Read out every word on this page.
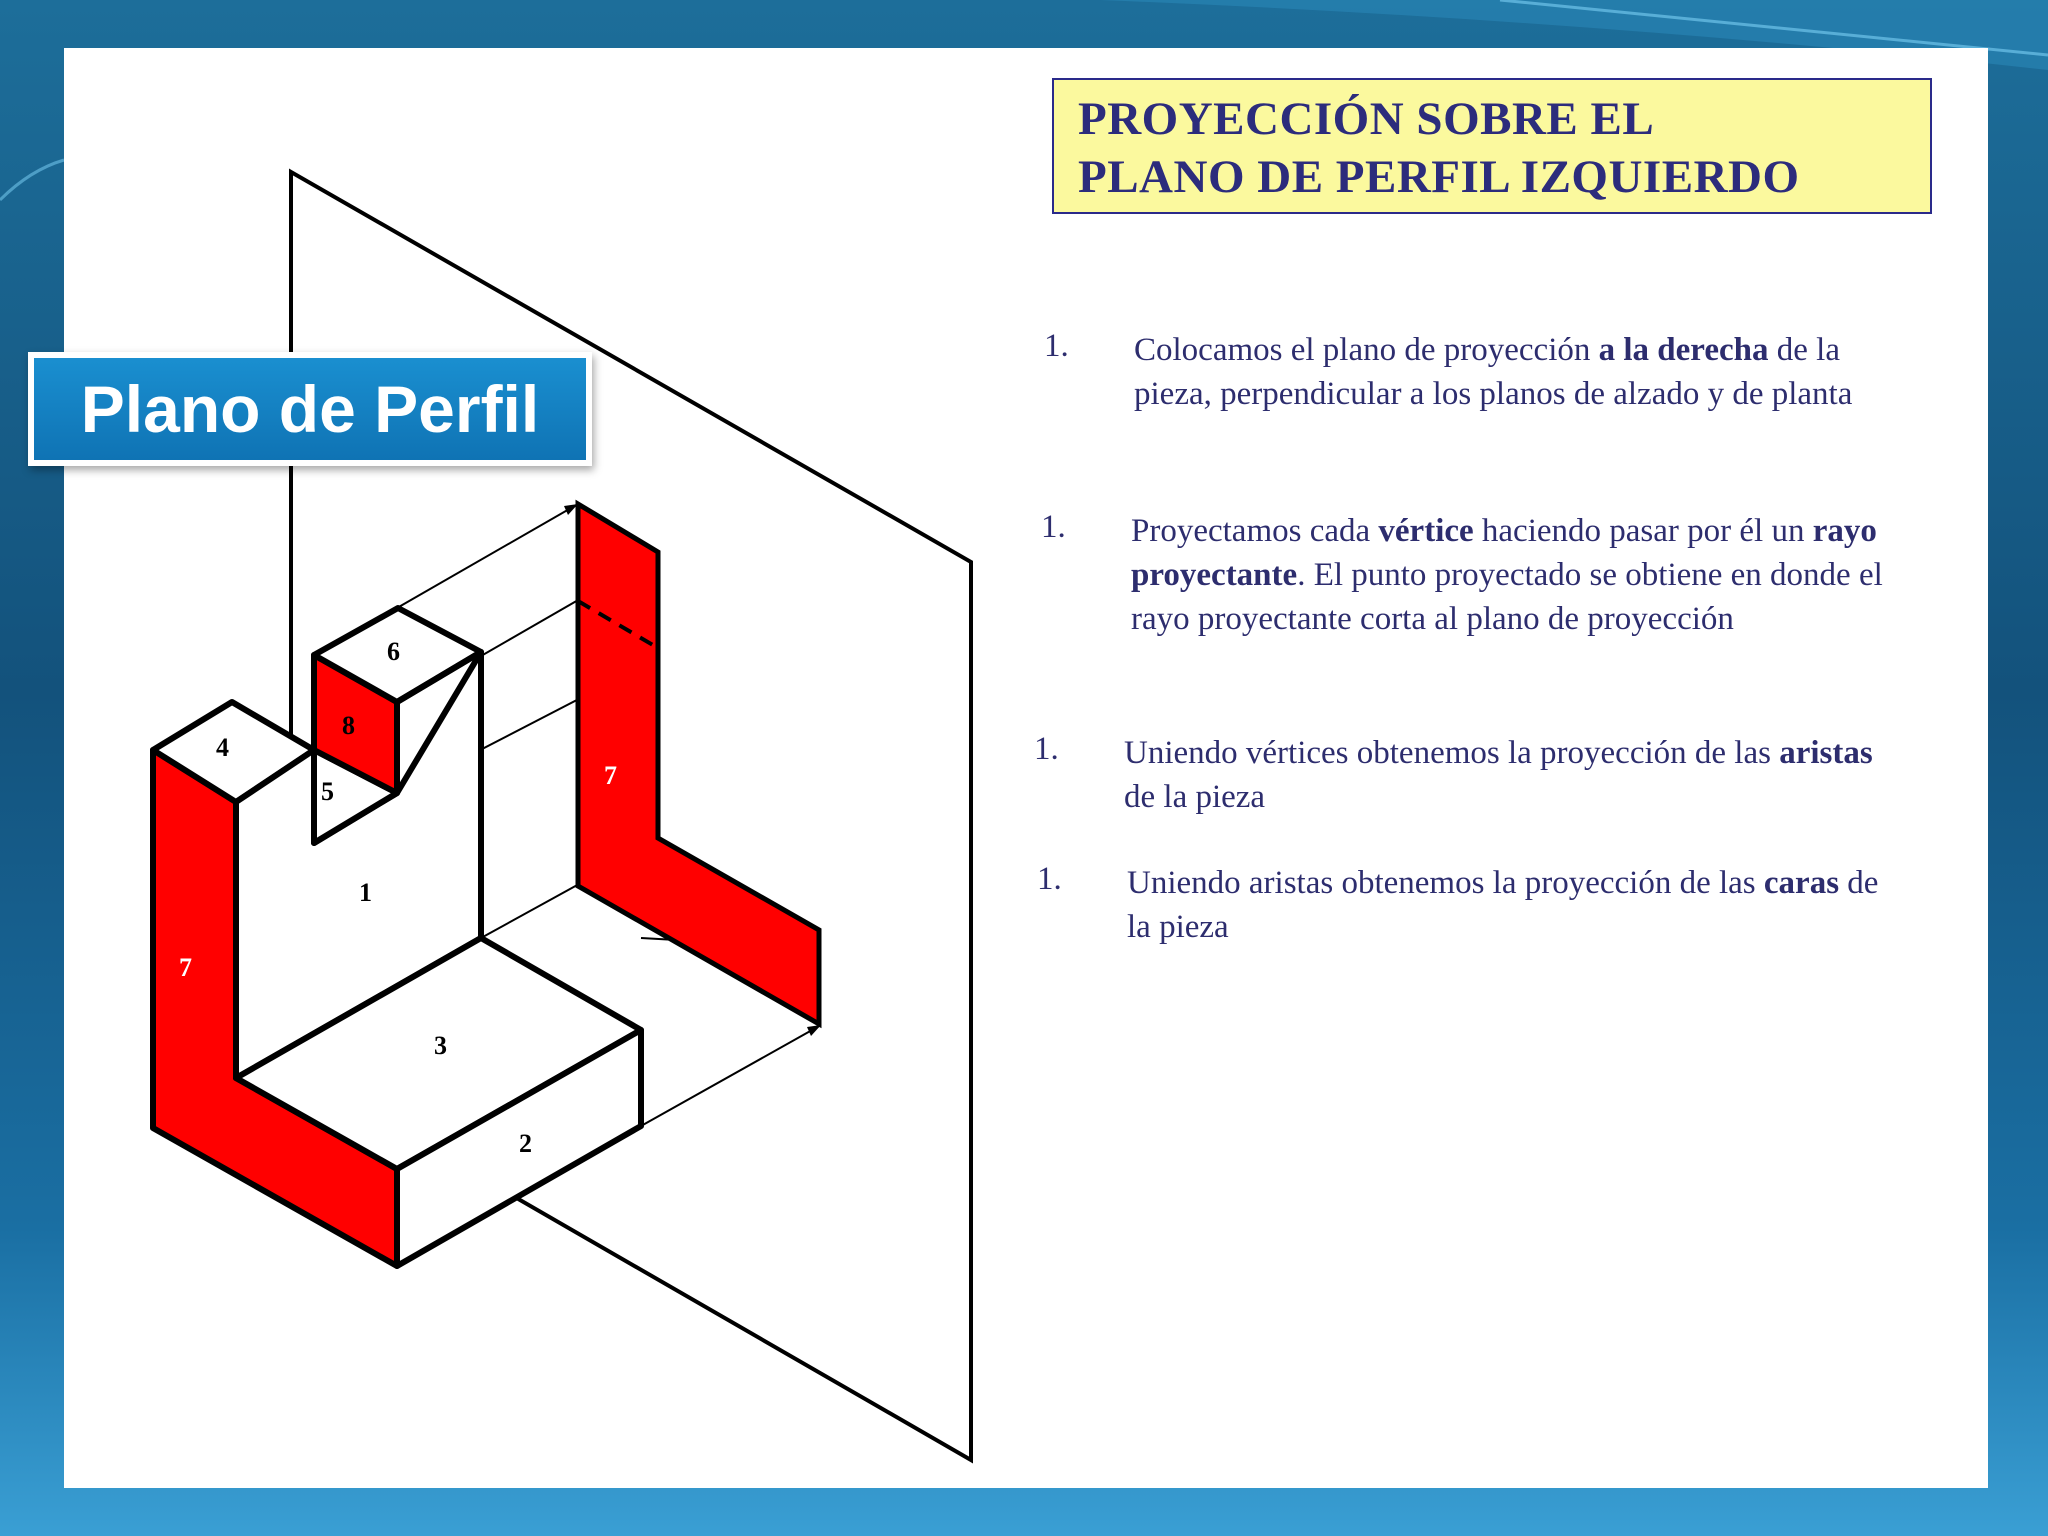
1
2
3
4
5
6
7
7
8
PROYECCIÓN SOBRE EL
PLANO DE PERFIL IZQUIERDO
1. Colocamos el plano de proyección a la derecha de la pieza, perpendicular a los planos de alzado y de planta
1. Proyectamos cada vértice haciendo pasar por él un rayo proyectante. El punto proyectado se obtiene en donde el rayo proyectante corta al plano de proyección
1. Uniendo vértices obtenemos la proyección de las aristas de la pieza
1. Uniendo aristas obtenemos la proyección de las caras de la pieza
Plano de Perfil
